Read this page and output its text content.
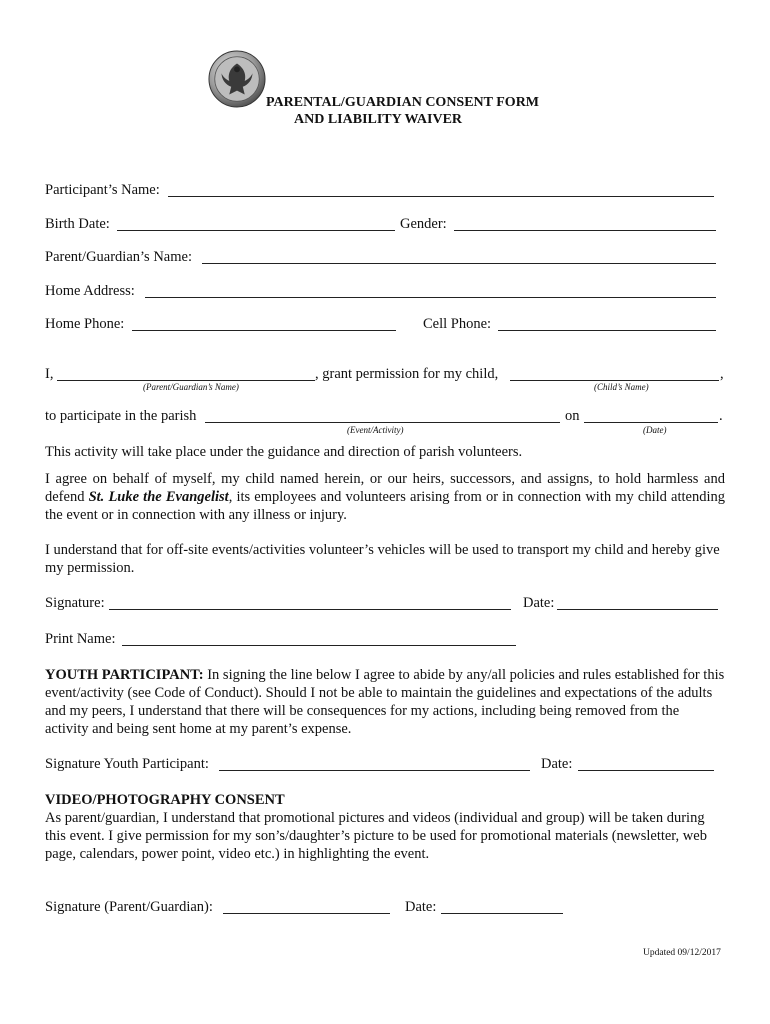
PARENTAL/GUARDIAN CONSENT FORM
AND LIABILITY WAIVER
Participant’s Name:
Birth Date:	Gender:
Parent/Guardian’s Name:
Home Address:
Home Phone:	Cell Phone:
I,	, grant permission for my child,	,
(Parent/Guardian’s Name)	(Child’s Name)
to participate in the parish	on	.
(Event/Activity)	(Date)
This activity will take place under the guidance and direction of parish volunteers.
I agree on behalf of myself, my child named herein, or our heirs, successors, and assigns, to hold harmless and defend St. Luke the Evangelist, its employees and volunteers arising from or in connection with my child attending the event or in connection with any illness or injury.
I understand that for off-site events/activities volunteer’s vehicles will be used to transport my child and hereby give my permission.
Signature:	Date:
Print Name:
YOUTH PARTICIPANT: In signing the line below I agree to abide by any/all policies and rules established for this event/activity (see Code of Conduct). Should I not be able to maintain the guidelines and expectations of the adults and my peers, I understand that there will be consequences for my actions, including being removed from the activity and being sent home at my parent’s expense.
Signature Youth Participant:	Date:
VIDEO/PHOTOGRAPHY CONSENT
As parent/guardian, I understand that promotional pictures and videos (individual and group) will be taken during this event. I give permission for my son’s/daughter’s picture to be used for promotional materials (newsletter, web page, calendars, power point, video etc.) in highlighting the event.
Signature (Parent/Guardian):	Date:
Updated 09/12/2017
